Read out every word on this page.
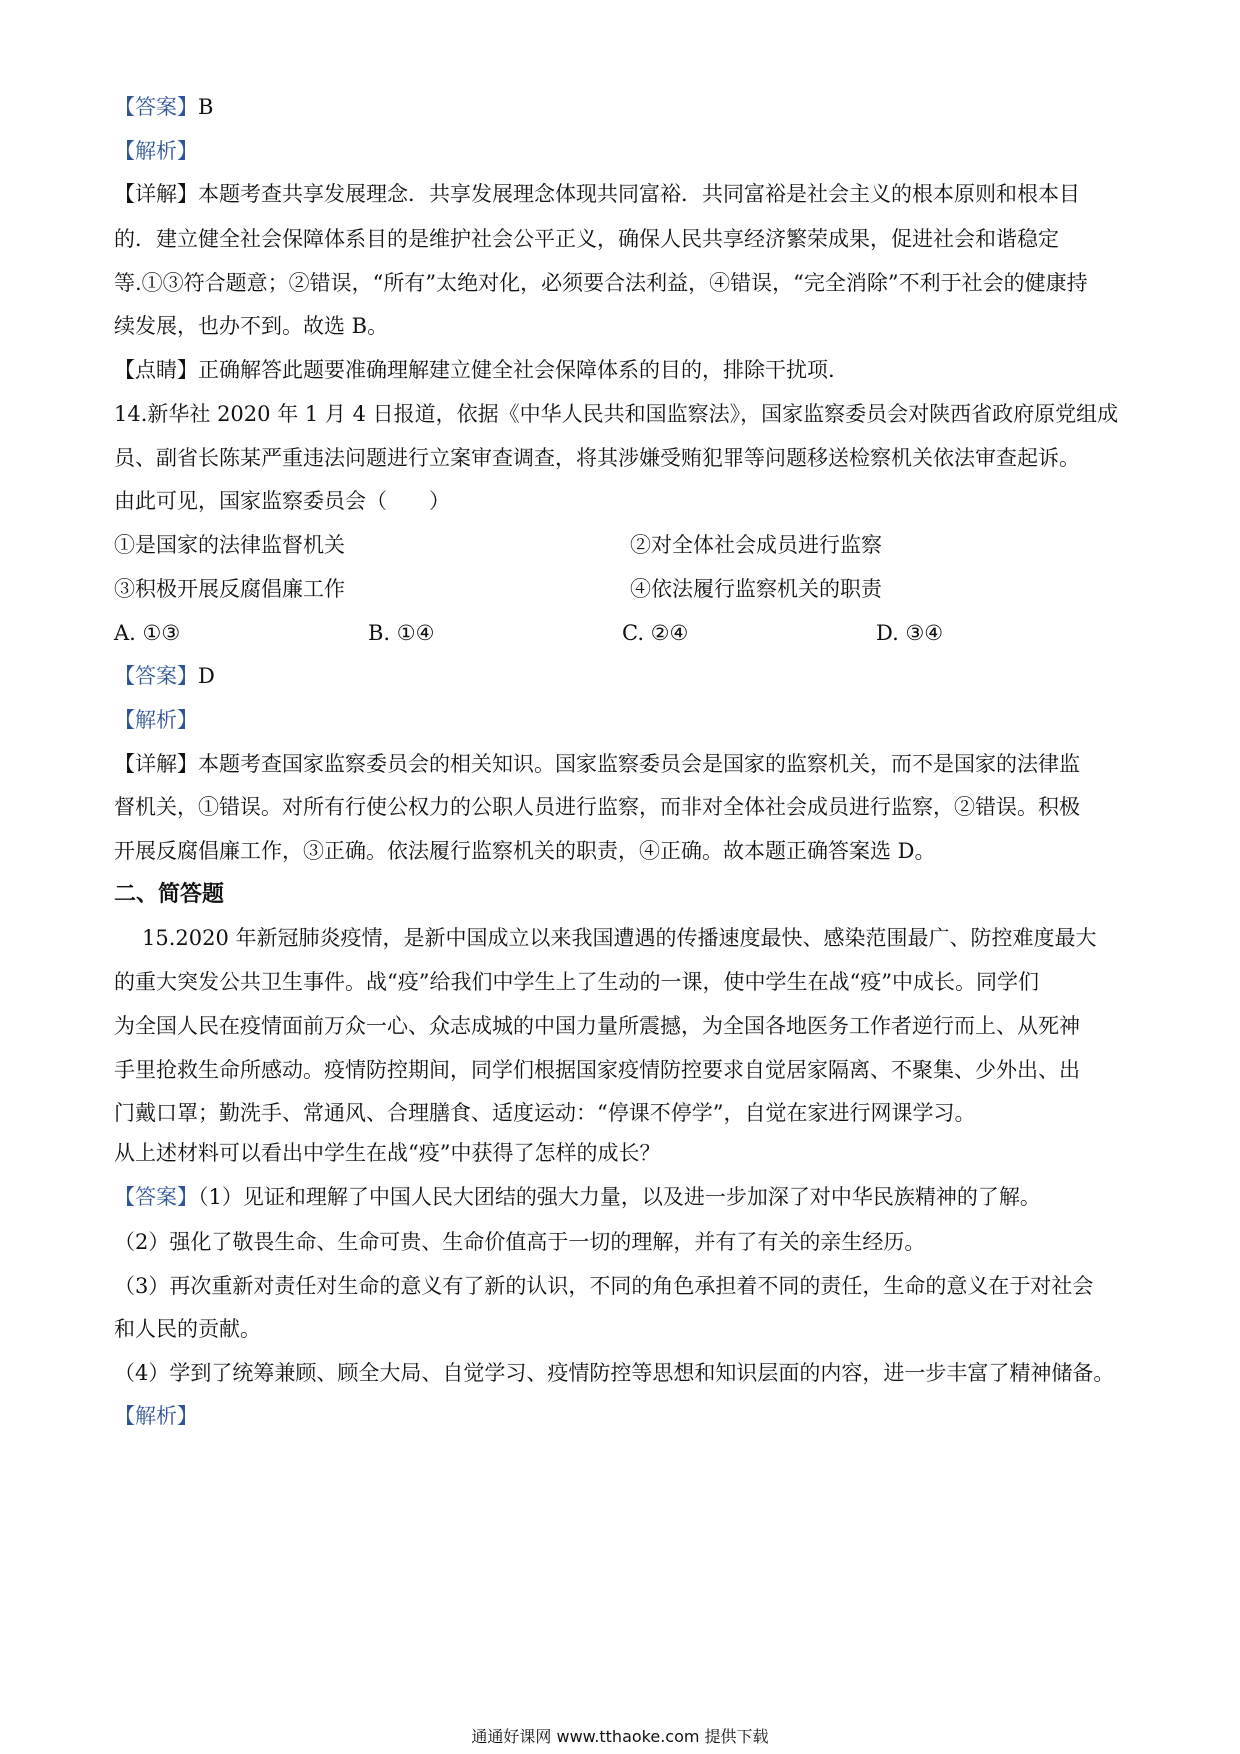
【答案】B
【解析】
【详解】本题考查共享发展理念．共享发展理念体现共同富裕．共同富裕是社会主义的根本原则和根本目
的．建立健全社会保障体系目的是维护社会公平正义，确保人民共享经济繁荣成果，促进社会和谐稳定
等.①③符合题意；②错误，“所有”太绝对化，必须要合法利益，④错误，“完全消除”不利于社会的健康持
续发展，也办不到。故选 B。
【点睛】正确解答此题要准确理解建立健全社会保障体系的目的，排除干扰项.
14.新华社 2020 年 1 月 4 日报道，依据《中华人民共和国监察法》，国家监察委员会对陕西省政府原党组成
员、副省长陈某严重违法问题进行立案审查调查，将其涉嫌受贿犯罪等问题移送检察机关依法审查起诉。
由此可见，国家监察委员会（　　）
①是国家的法律监督机关	②对全体社会成员进行监察
③积极开展反腐倡廉工作	④依法履行监察机关的职责
A. ①③	B. ①④	C. ②④	D. ③④
【答案】D
【解析】
【详解】本题考查国家监察委员会的相关知识。国家监察委员会是国家的监察机关，而不是国家的法律监
督机关，①错误。对所有行使公权力的公职人员进行监察，而非对全体社会成员进行监察，②错误。积极
开展反腐倡廉工作，③正确。依法履行监察机关的职责，④正确。故本题正确答案选 D。
二、简答题
15.2020 年新冠肺炎疫情，是新中国成立以来我国遭遇的传播速度最快、感染范围最广、防控难度最大
的重大突发公共卫生事件。战“疫”给我们中学生上了生动的一课，使中学生在战“疫”中成长。同学们
为全国人民在疫情面前万众一心、众志成城的中国力量所震撼，为全国各地医务工作者逆行而上、从死神
手里抢救生命所感动。疫情防控期间，同学们根据国家疫情防控要求自觉居家隔离、不聚集、少外出、出
门戴口罩；勤洗手、常通风、合理膳食、适度运动：“停课不停学”，自觉在家进行网课学习。
从上述材料可以看出中学生在战“疫”中获得了怎样的成长？
【答案】（1）见证和理解了中国人民大团结的强大力量，以及进一步加深了对中华民族精神的了解。
（2）强化了敬畏生命、生命可贵、生命价值高于一切的理解，并有了有关的亲生经历。
（3）再次重新对责任对生命的意义有了新的认识，不同的角色承担着不同的责任，生命的意义在于对社会
和人民的贡献。
（4）学到了统筹兼顾、顾全大局、自觉学习、疫情防控等思想和知识层面的内容，进一步丰富了精神储备。
【解析】
通通好课网 www.tthaoke.com 提供下载
